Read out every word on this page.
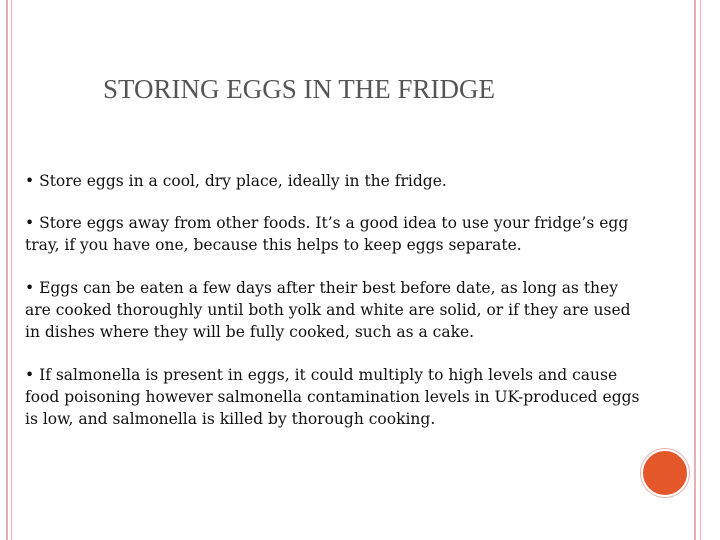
STORING EGGS IN THE FRIDGE

• Store eggs in a cool, dry place, ideally in the fridge.

• Store eggs away from other foods. It’s a good idea to use your fridge’s egg tray, if you have one, because this helps to keep eggs separate.

• Eggs can be eaten a few days after their best before date, as long as they are cooked thoroughly until both yolk and white are solid, or if they are used in dishes where they will be fully cooked, such as a cake.

• If salmonella is present in eggs, it could multiply to high levels and cause food poisoning however salmonella contamination levels in UK-produced eggs is low, and salmonella is killed by thorough cooking.
